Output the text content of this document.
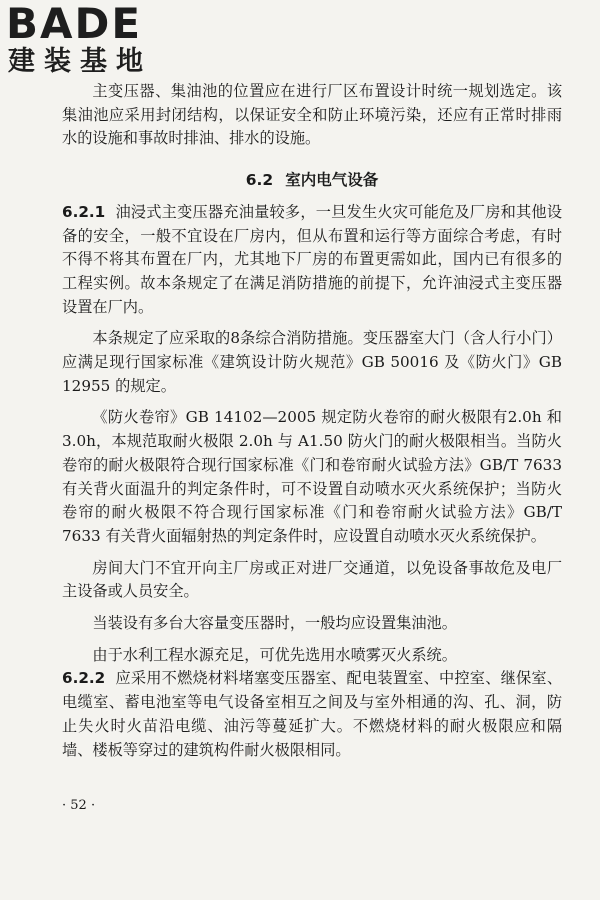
BADE
建装基地

主变压器、集油池的位置应在进行厂区布置设计时统一规划选定。该集油池应采用封闭结构，以保证安全和防止环境污染，还应有正常时排雨水的设施和事故时排油、排水的设施。

6.2 室内电气设备

6.2.1 油浸式主变压器充油量较多，一旦发生火灾可能危及厂房和其他设备的安全，一般不宜设在厂房内，但从布置和运行等方面综合考虑，有时不得不将其布置在厂内，尤其地下厂房的布置更需如此，国内已有很多的工程实例。故本条规定了在满足消防措施的前提下，允许油浸式主变压器设置在厂内。

本条规定了应采取的8条综合消防措施。变压器室大门（含人行小门）应满足现行国家标准《建筑设计防火规范》GB 50016 及《防火门》GB 12955 的规定。

《防火卷帘》GB 14102—2005 规定防火卷帘的耐火极限有2.0h 和 3.0h，本规范取耐火极限 2.0h 与 A1.50 防火门的耐火极限相当。当防火卷帘的耐火极限符合现行国家标准《门和卷帘耐火试验方法》GB/T 7633 有关背火面温升的判定条件时，可不设置自动喷水灭火系统保护；当防火卷帘的耐火极限不符合现行国家标准《门和卷帘耐火试验方法》GB/T 7633 有关背火面辐射热的判定条件时，应设置自动喷水灭火系统保护。

房间大门不宜开向主厂房或正对进厂交通道，以免设备事故危及电厂主设备或人员安全。

当装设有多台大容量变压器时，一般均应设置集油池。

由于水利工程水源充足，可优先选用水喷雾灭火系统。

6.2.2 应采用不燃烧材料堵塞变压器室、配电装置室、中控室、继保室、电缆室、蓄电池室等电气设备室相互之间及与室外相通的沟、孔、洞，防止失火时火苗沿电缆、油污等蔓延扩大。不燃烧材料的耐火极限应和隔墙、楼板等穿过的建筑构件耐火极限相同。

· 52 ·
